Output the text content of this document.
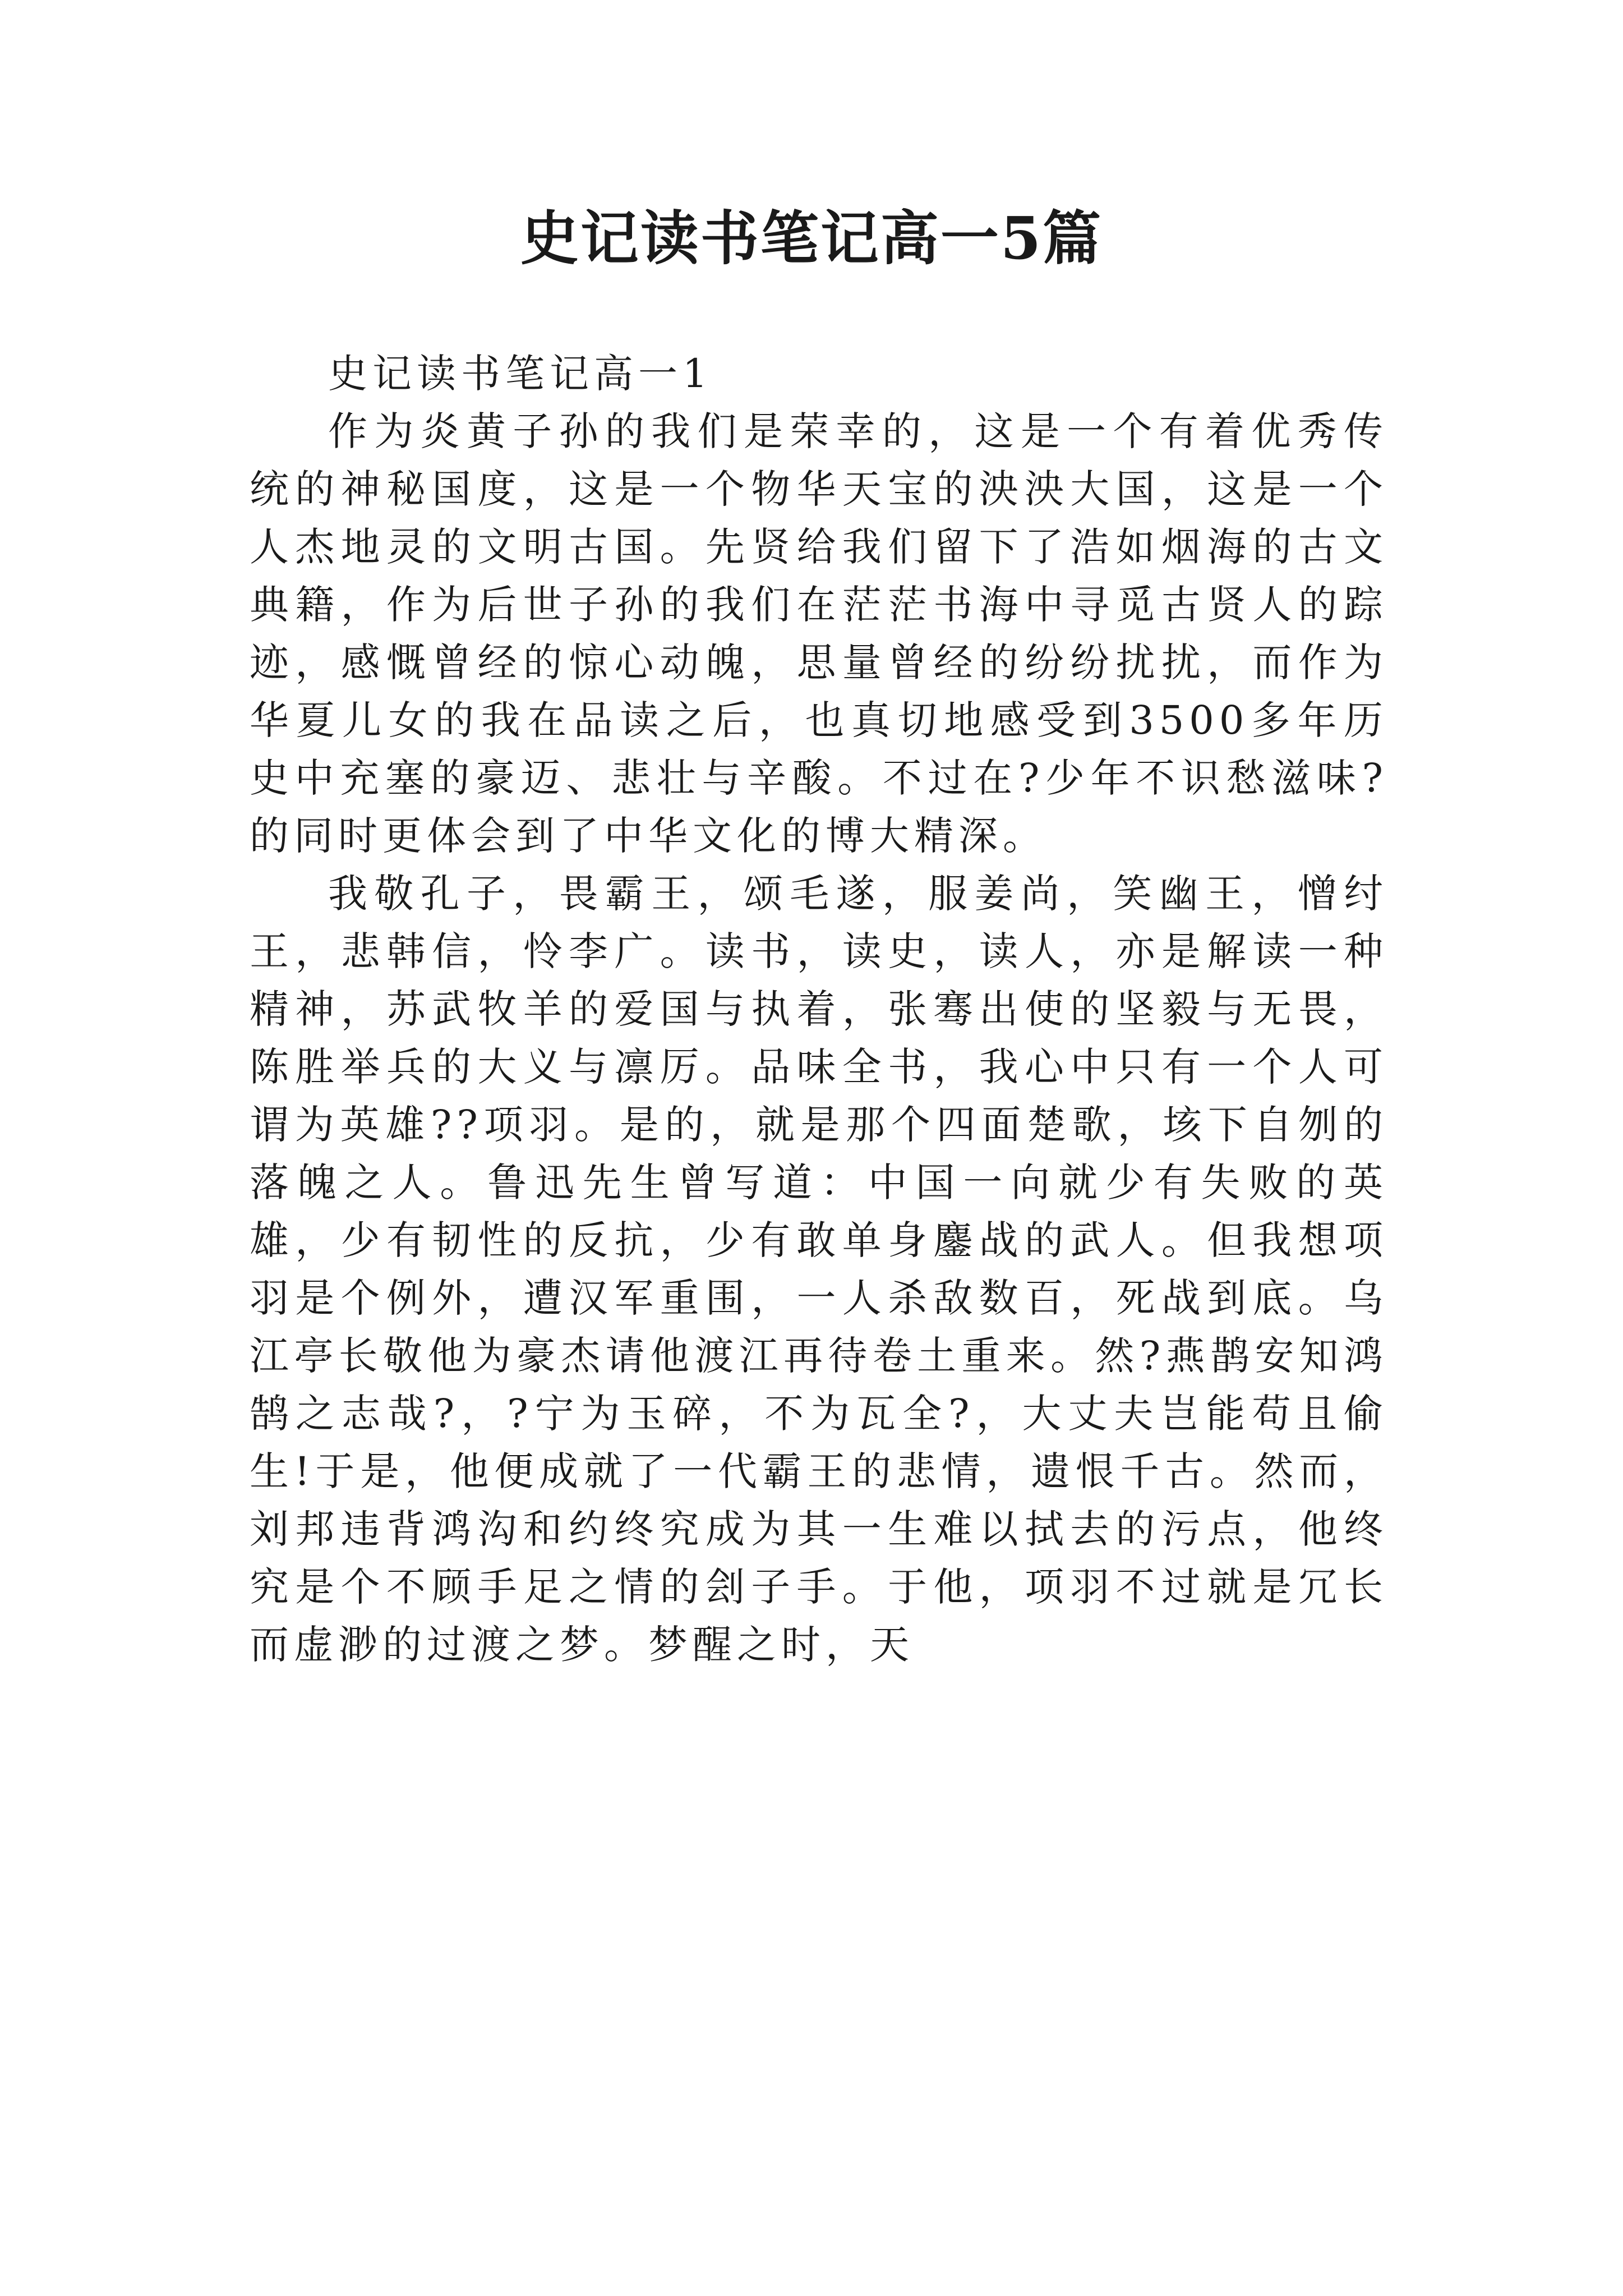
史记读书笔记高一5篇

史记读书笔记高一1

作为炎黄子孙的我们是荣幸的，这是一个有着优秀传统的神秘国度，这是一个物华天宝的泱泱大国，这是一个人杰地灵的文明古国。先贤给我们留下了浩如烟海的古文典籍，作为后世子孙的我们在茫茫书海中寻觅古贤人的踪迹，感慨曾经的惊心动魄，思量曾经的纷纷扰扰，而作为华夏儿女的我在品读之后，也真切地感受到3500多年历史中充塞的豪迈、悲壮与辛酸。不过在?少年不识愁滋味?的同时更体会到了中华文化的博大精深。

我敬孔子，畏霸王，颂毛遂，服姜尚，笑幽王，憎纣王，悲韩信，怜李广。读书，读史，读人，亦是解读一种精神，苏武牧羊的爱国与执着，张骞出使的坚毅与无畏，陈胜举兵的大义与凛厉。品味全书，我心中只有一个人可谓为英雄??项羽。是的，就是那个四面楚歌，垓下自刎的落魄之人。鲁迅先生曾写道：中国一向就少有失败的英雄，少有韧性的反抗，少有敢单身鏖战的武人。但我想项羽是个例外，遭汉军重围，一人杀敌数百，死战到底。乌江亭长敬他为豪杰请他渡江再待卷土重来。然?燕鹊安知鸿鹄之志哉?，?宁为玉碎，不为瓦全?，大丈夫岂能苟且偷生!于是，他便成就了一代霸王的悲情，遗恨千古。然而，刘邦违背鸿沟和约终究成为其一生难以拭去的污点，他终究是个不顾手足之情的刽子手。于他，项羽不过就是冗长而虚渺的过渡之梦。梦醒之时，天
